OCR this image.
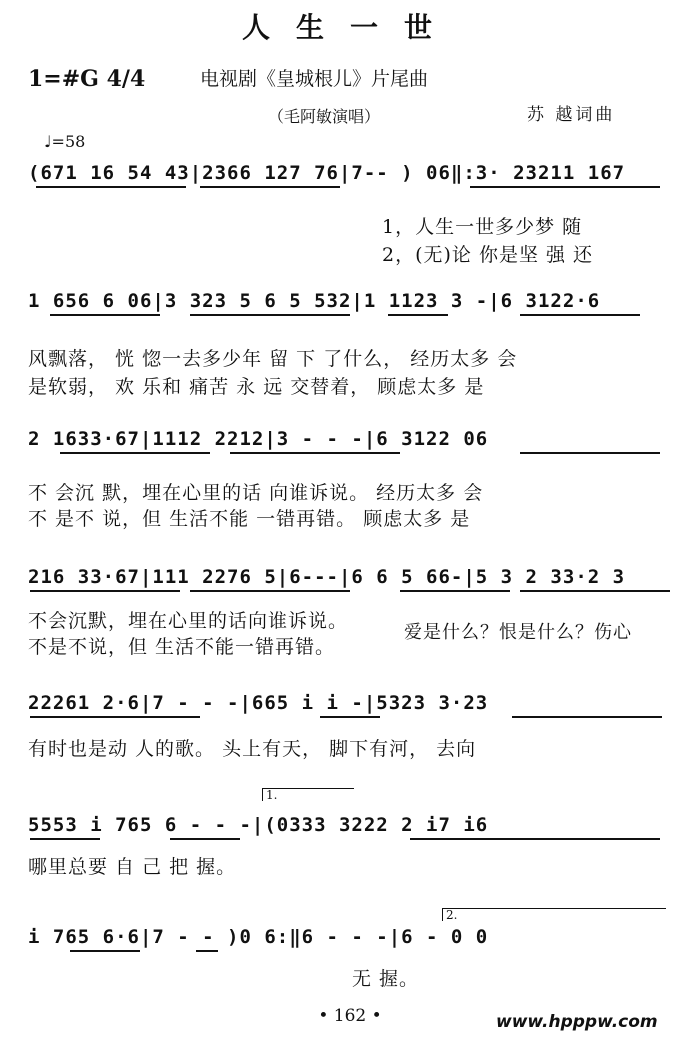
人生一世
1=#G 4/4	电视剧《皇城根儿》片尾曲
（毛阿敏演唱）	苏 越词曲
♩=58
(671 16 54 43|2366 127 76|7-- ) 06‖:3· 23211 167
1，人生一世多少梦 随
2，(无)论 你是坚 强 还
1 656 6 06|3 323 5 6 5 532|1 1123 3 -|6 3122·6
风飘落， 恍 惚一去多少年 留 下 了什么， 经历太多 会
是软弱， 欢 乐和 痛苦 永 远 交替着， 顾虑太多 是
2 1633·67|1112 2212|3 - - -|6 3122 06
不 会沉 默，埋在心里的话 向谁诉说。 经历太多 会
不 是不 说，但 生活不能 一错再错。 顾虑太多 是
216 33·67|111 2276 5|6---|6 6 5 66-|5 3 2 33·2 3
不会沉默，埋在心里的话向谁诉说。
不是不说，但 生活不能一错再错。
爱是什么？恨是什么？伤心
22261 2·6|7 - - -|665 i i -|5323 3·23
有时也是动 人的歌。 头上有天， 脚下有河， 去向
1.
5553 i 765 6 - - -|(0333 3222 2 i7 i6
哪里总要 自 己 把 握。
2.
i 765 6·6|7 - - )0 6:‖6 - - -|6 - 0 0
无 握。
• 162 •	www.hpppw.com
